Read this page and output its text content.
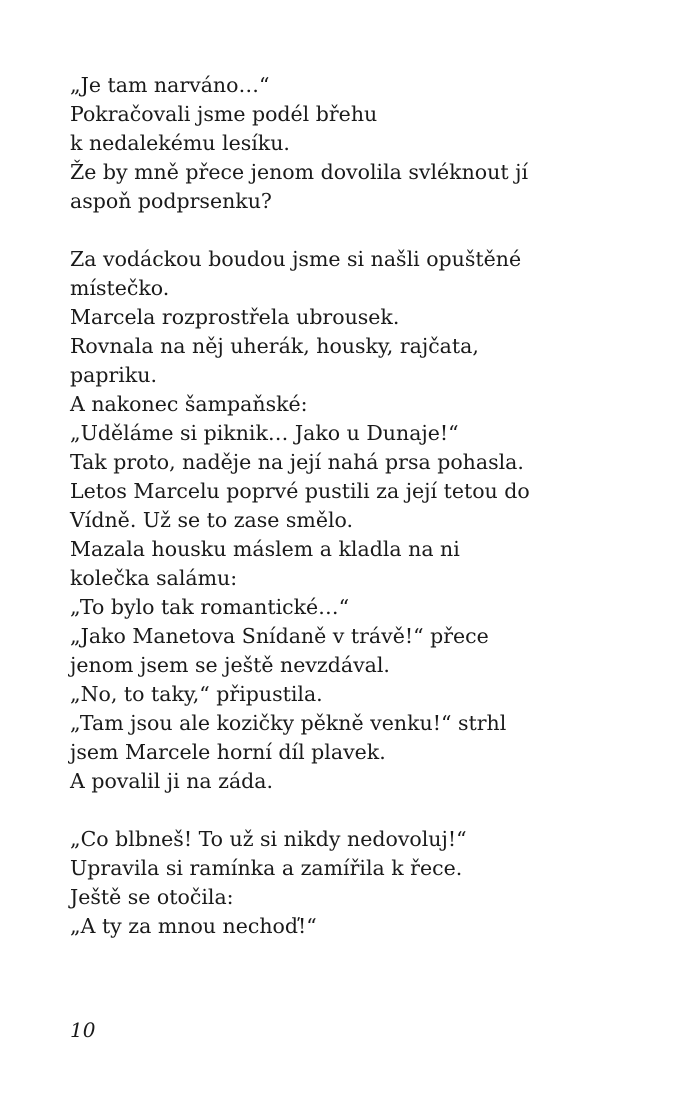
„Je tam narváno…“
Pokračovali jsme podél břehu
k nedalekému lesíku.
Že by mně přece jenom dovolila svléknout jí
aspoň podprsenku?
Za vodáckou boudou jsme si našli opuštěné
místečko.
Marcela rozprostřela ubrousek.
Rovnala na něj uherák, housky, rajčata,
papriku.
A nakonec šampaňské:
„Uděláme si piknik… Jako u Dunaje!“
Tak proto, naděje na její nahá prsa pohasla.
Letos Marcelu poprvé pustili za její tetou do
Vídně. Už se to zase smělo.
Mazala housku máslem a kladla na ni
kolečka salámu:
„To bylo tak romantické…“
„Jako Manetova Snídaně v trávě!“ přece
jenom jsem se ještě nevzdával.
„No, to taky,“ připustila.
„Tam jsou ale kozičky pěkně venku!“ strhl
jsem Marcele horní díl plavek.
A povalil ji na záda.
„Co blbneš! To už si nikdy nedovoluj!“
Upravila si ramínka a zamířila k řece.
Ještě se otočila:
„A ty za mnou nechoď!“
10
